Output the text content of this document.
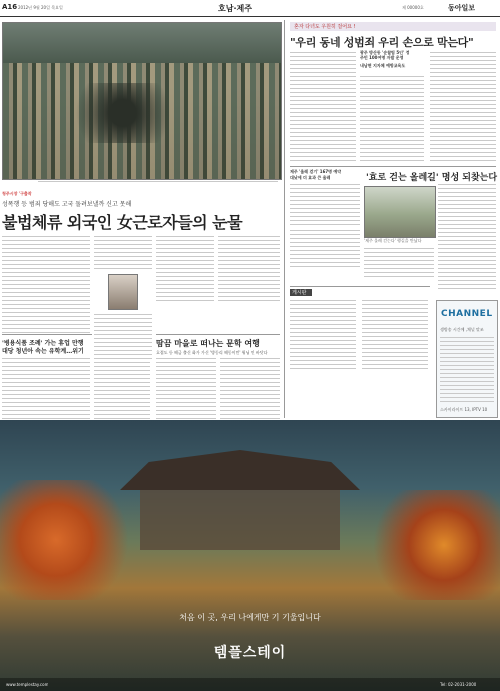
A16 2012년 9월 20일 목요일	호남·제주	제 00000호	동아일보
청주시장 '구출작
성폭행 등 범죄 당해도 고국 돌려보낼까 신고 못해
불법체류 외국인 女근로자들의 눈물
'병용식품 조례' 가는 휴업 만행
대당 청년아 속는 유학계…위기
땀끔 마을로 떠나는 문학 여행
호접도 등 해금 출신 화가 가신 '방동리 해동이민' 워닝 인 바닷다
혼자 다녀도 우원히 걸어요 !
"우리 동네 성범죄 우리 손으로 막는다"
광주 방산동 '순찰팀 5인' 정
주민 100여명 자발 운영
내남면 지자체 예방교육도
제주 '올레 걷기' 167명 예약
대낮에 더 효과 큰 올레	'효로 걷는 올레길' 명성 되찾는다
'제주 올레 걷는다' 행길을 만났다
게시판
CHANNEL
생방송 시간예 ,채널 맞조
스카이라이프 13, IPTV 10
처음 이 곳, 우리 나에게만 기 기울입니다
템플스테이
www.templestay.com	Tel: 02-2031-2000
